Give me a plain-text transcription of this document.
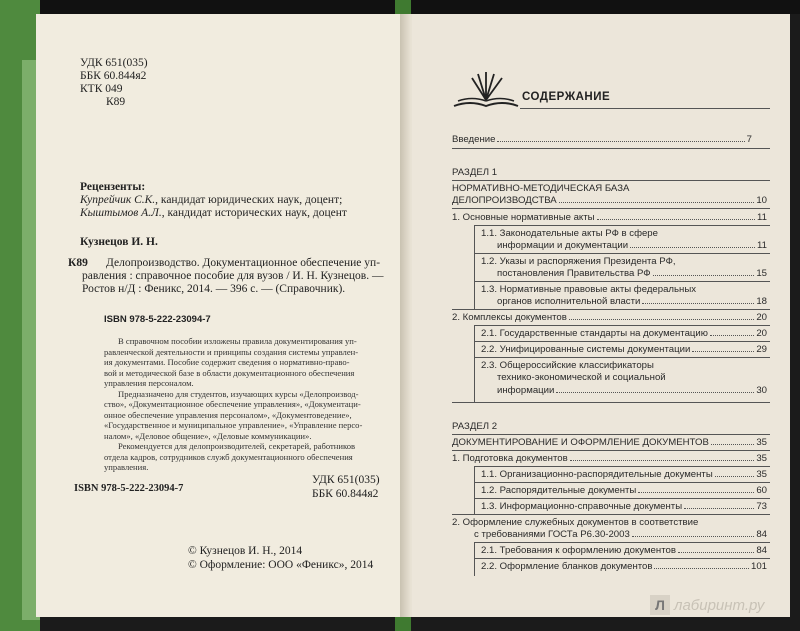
УДК 651(035)
ББК 60.844я2
КТК 049
К89
Рецензенты:
Купрейчик С.К., кандидат юридических наук, доцент;
Кыштымов А.Л., кандидат исторических наук, доцент
Кузнецов И. Н.
К89 Делопроизводство. Документационное обеспечение уп-
равления : справочное пособие для вузов / И. Н. Кузнецов. —
Ростов н/Д : Феникс, 2014. — 396 с. — (Справочник).
ISBN 978-5-222-23094-7
В справочном пособии изложены правила документирования уп-
равленческой деятельности и принципы создания системы управлен-
ия документами. Пособие содержит сведения о нормативно-право-
вой и методической базе в области документационного обеспечения
управления персоналом.
Предназначено для студентов, изучающих курсы «Делопроизвод-
ство», «Документационное обеспечение управления», «Документаци-
онное обеспечение управления персоналом», «Документоведение»,
«Государственное и муниципальное управление», «Управление персо-
налом», «Деловое общение», «Деловые коммуникации».
Рекомендуется для делопроизводителей, секретарей, работников
отдела кадров, сотрудников служб документационного обеспечения
управления.
ISBN 978-5-222-23094-7
УДК 651(035)
ББК 60.844я2
© Кузнецов И. Н., 2014
© Оформление: ООО «Феникс», 2014
СОДЕРЖАНИЕ
Введение	7
РАЗДЕЛ 1
НОРМАТИВНО-МЕТОДИЧЕСКАЯ БАЗА
ДЕЛОПРОИЗВОДСТВА	10
1. Основные нормативные акты	11
1.1. Законодательные акты РФ в сфере
информации и документации	11
1.2. Указы и распоряжения Президента РФ,
постановления Правительства РФ	15
1.3. Нормативные правовые акты федеральных
органов исполнительной власти	18
2. Комплексы документов	20
2.1. Государственные стандарты на документацию	20
2.2. Унифицированные системы документации	29
2.3. Общероссийские классификаторы
технико-экономической и социальной
информации	30
РАЗДЕЛ 2
ДОКУМЕНТИРОВАНИЕ И ОФОРМЛЕНИЕ ДОКУМЕНТОВ	35
1. Подготовка документов	35
1.1. Организационно-распорядительные документы	35
1.2. Распорядительные документы	60
1.3. Информационно-справочные документы	73
2. Оформление служебных документов в соответствие
с требованиями ГОСТа Р6.30-2003	84
2.1. Требования к оформлению документов	84
2.2. Оформление бланков документов	101
Л лабиринт.ру
